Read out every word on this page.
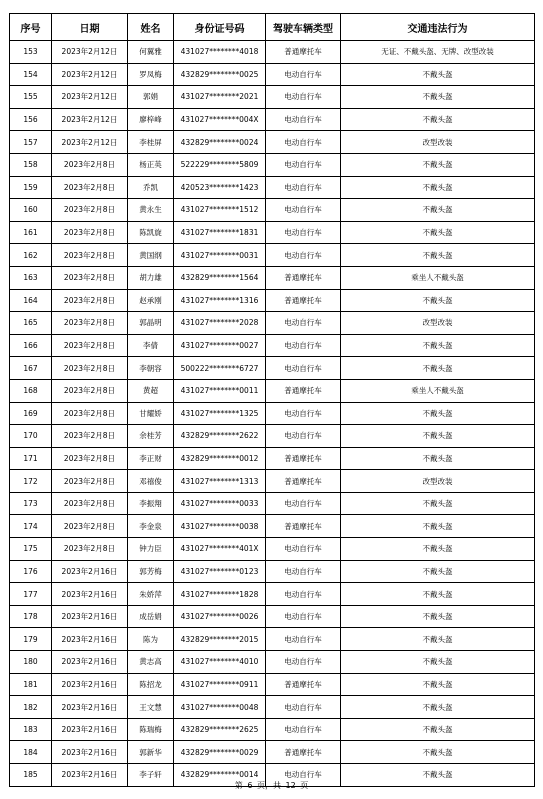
序号	日期	姓名	身份证号码	驾驶车辆类型	交通违法行为
153	2023年2月12日	何翼雅	431027********4018	普通摩托车	无证、不戴头盔、无牌、改型改装
154	2023年2月12日	罗凤梅	432829********0025	电动自行车	不戴头盔
155	2023年2月12日	郭娟	431027********2021	电动自行车	不戴头盔
156	2023年2月12日	廖梓峰	431027********004X	电动自行车	不戴头盔
157	2023年2月12日	李桂屏	432829********0024	电动自行车	改型改装
158	2023年2月8日	杨正英	522229********5809	电动自行车	不戴头盔
159	2023年2月8日	乔凯	420523********1423	电动自行车	不戴头盔
160	2023年2月8日	黄永生	431027********1512	电动自行车	不戴头盔
161	2023年2月8日	陈凯旋	431027********1831	电动自行车	不戴头盔
162	2023年2月8日	黄国纲	431027********0031	电动自行车	不戴头盔
163	2023年2月8日	胡力雄	432829********1564	普通摩托车	乘坐人不戴头盔
164	2023年2月8日	赵承刚	431027********1316	普通摩托车	不戴头盔
165	2023年2月8日	郭晶明	431027********2028	电动自行车	改型改装
166	2023年2月8日	李倩	431027********0027	电动自行车	不戴头盔
167	2023年2月8日	李朝容	500222********6727	电动自行车	不戴头盔
168	2023年2月8日	黄超	431027********0011	普通摩托车	乘坐人不戴头盔
169	2023年2月8日	甘耀娇	431027********1325	电动自行车	不戴头盔
170	2023年2月8日	余桂芳	432829********2622	电动自行车	不戴头盔
171	2023年2月8日	李正财	432829********0012	普通摩托车	不戴头盔
172	2023年2月8日	邓禧俊	431027********1313	普通摩托车	改型改装
173	2023年2月8日	李振翔	431027********0033	电动自行车	不戴头盔
174	2023年2月8日	李金泉	431027********0038	普通摩托车	不戴头盔
175	2023年2月8日	钟力臣	431027********401X	电动自行车	不戴头盔
176	2023年2月16日	郭芳梅	431027********0123	电动自行车	不戴头盔
177	2023年2月16日	朱娇萍	431027********1828	电动自行车	不戴头盔
178	2023年2月16日	成岳娟	431027********0026	电动自行车	不戴头盔
179	2023年2月16日	陈为	432829********2015	电动自行车	不戴头盔
180	2023年2月16日	黄志高	431027********4010	电动自行车	不戴头盔
181	2023年2月16日	陈招龙	431027********0911	普通摩托车	不戴头盔
182	2023年2月16日	王文慧	431027********0048	电动自行车	不戴头盔
183	2023年2月16日	陈瑞梅	432829********2625	电动自行车	不戴头盔
184	2023年2月16日	郭新华	432829********0029	普通摩托车	不戴头盔
185	2023年2月16日	李子轩	432829********0014	电动自行车	不戴头盔
第 6 页，共 12 页
